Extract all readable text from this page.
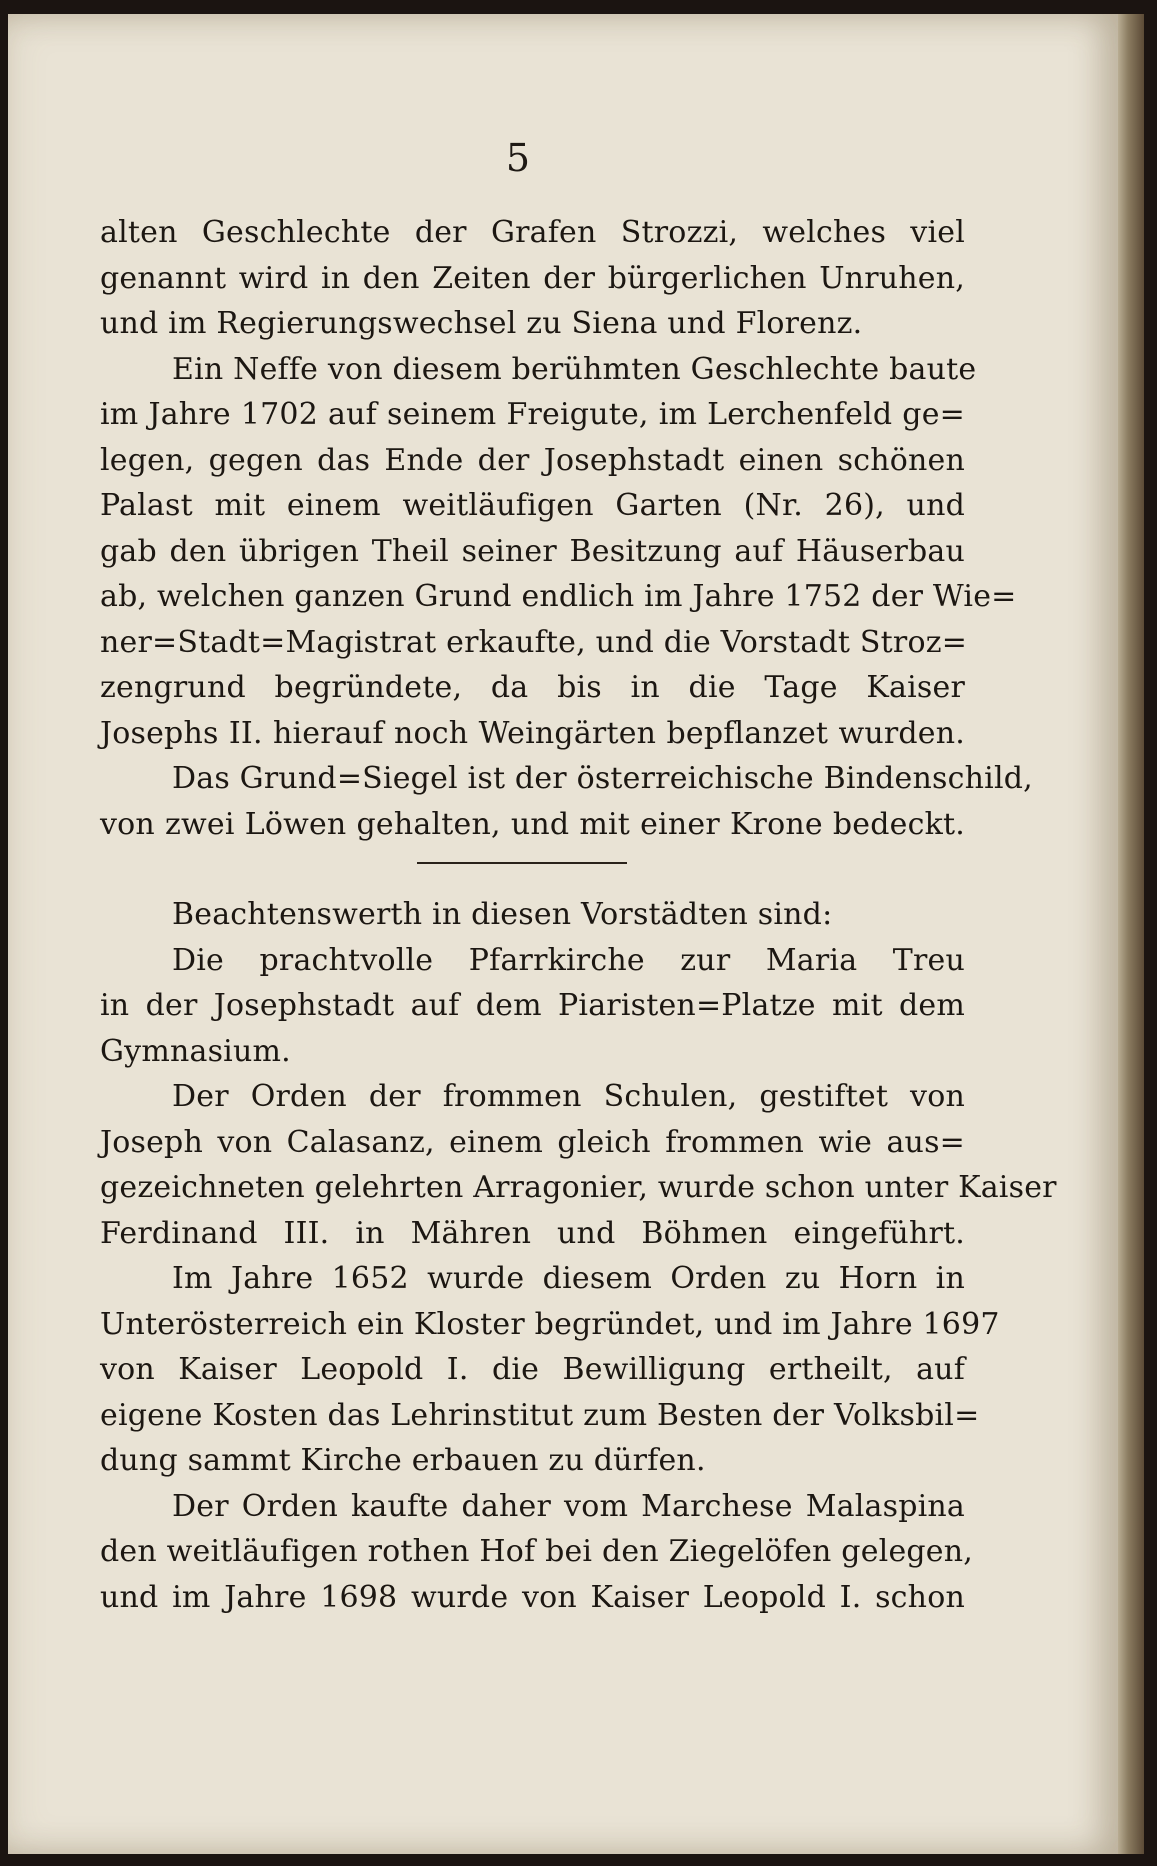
5
alten Geschlechte der Grafen Strozzi, welches viel
genannt wird in den Zeiten der bürgerlichen Unruhen,
und im Regierungswechsel zu Siena und Florenz.
Ein Neffe von diesem berühmten Geschlechte baute
im Jahre 1702 auf seinem Freigute, im Lerchenfeld ge=
legen, gegen das Ende der Josephstadt einen schönen
Palast mit einem weitläufigen Garten (Nr. 26), und
gab den übrigen Theil seiner Besitzung auf Häuserbau
ab, welchen ganzen Grund endlich im Jahre 1752 der Wie=
ner=Stadt=Magistrat erkaufte, und die Vorstadt Stroz=
zengrund begründete, da bis in die Tage Kaiser
Josephs II. hierauf noch Weingärten bepflanzet wurden.
Das Grund=Siegel ist der österreichische Bindenschild,
von zwei Löwen gehalten, und mit einer Krone bedeckt.
Beachtenswerth in diesen Vorstädten sind:
Die prachtvolle Pfarrkirche zur Maria Treu
in der Josephstadt auf dem Piaristen=Platze mit dem
Gymnasium.
Der Orden der frommen Schulen, gestiftet von
Joseph von Calasanz, einem gleich frommen wie aus=
gezeichneten gelehrten Arragonier, wurde schon unter Kaiser
Ferdinand III. in Mähren und Böhmen eingeführt.
Im Jahre 1652 wurde diesem Orden zu Horn in
Unterösterreich ein Kloster begründet, und im Jahre 1697
von Kaiser Leopold I. die Bewilligung ertheilt, auf
eigene Kosten das Lehrinstitut zum Besten der Volksbil=
dung sammt Kirche erbauen zu dürfen.
Der Orden kaufte daher vom Marchese Malaspina
den weitläufigen rothen Hof bei den Ziegelöfen gelegen,
und im Jahre 1698 wurde von Kaiser Leopold I. schon
